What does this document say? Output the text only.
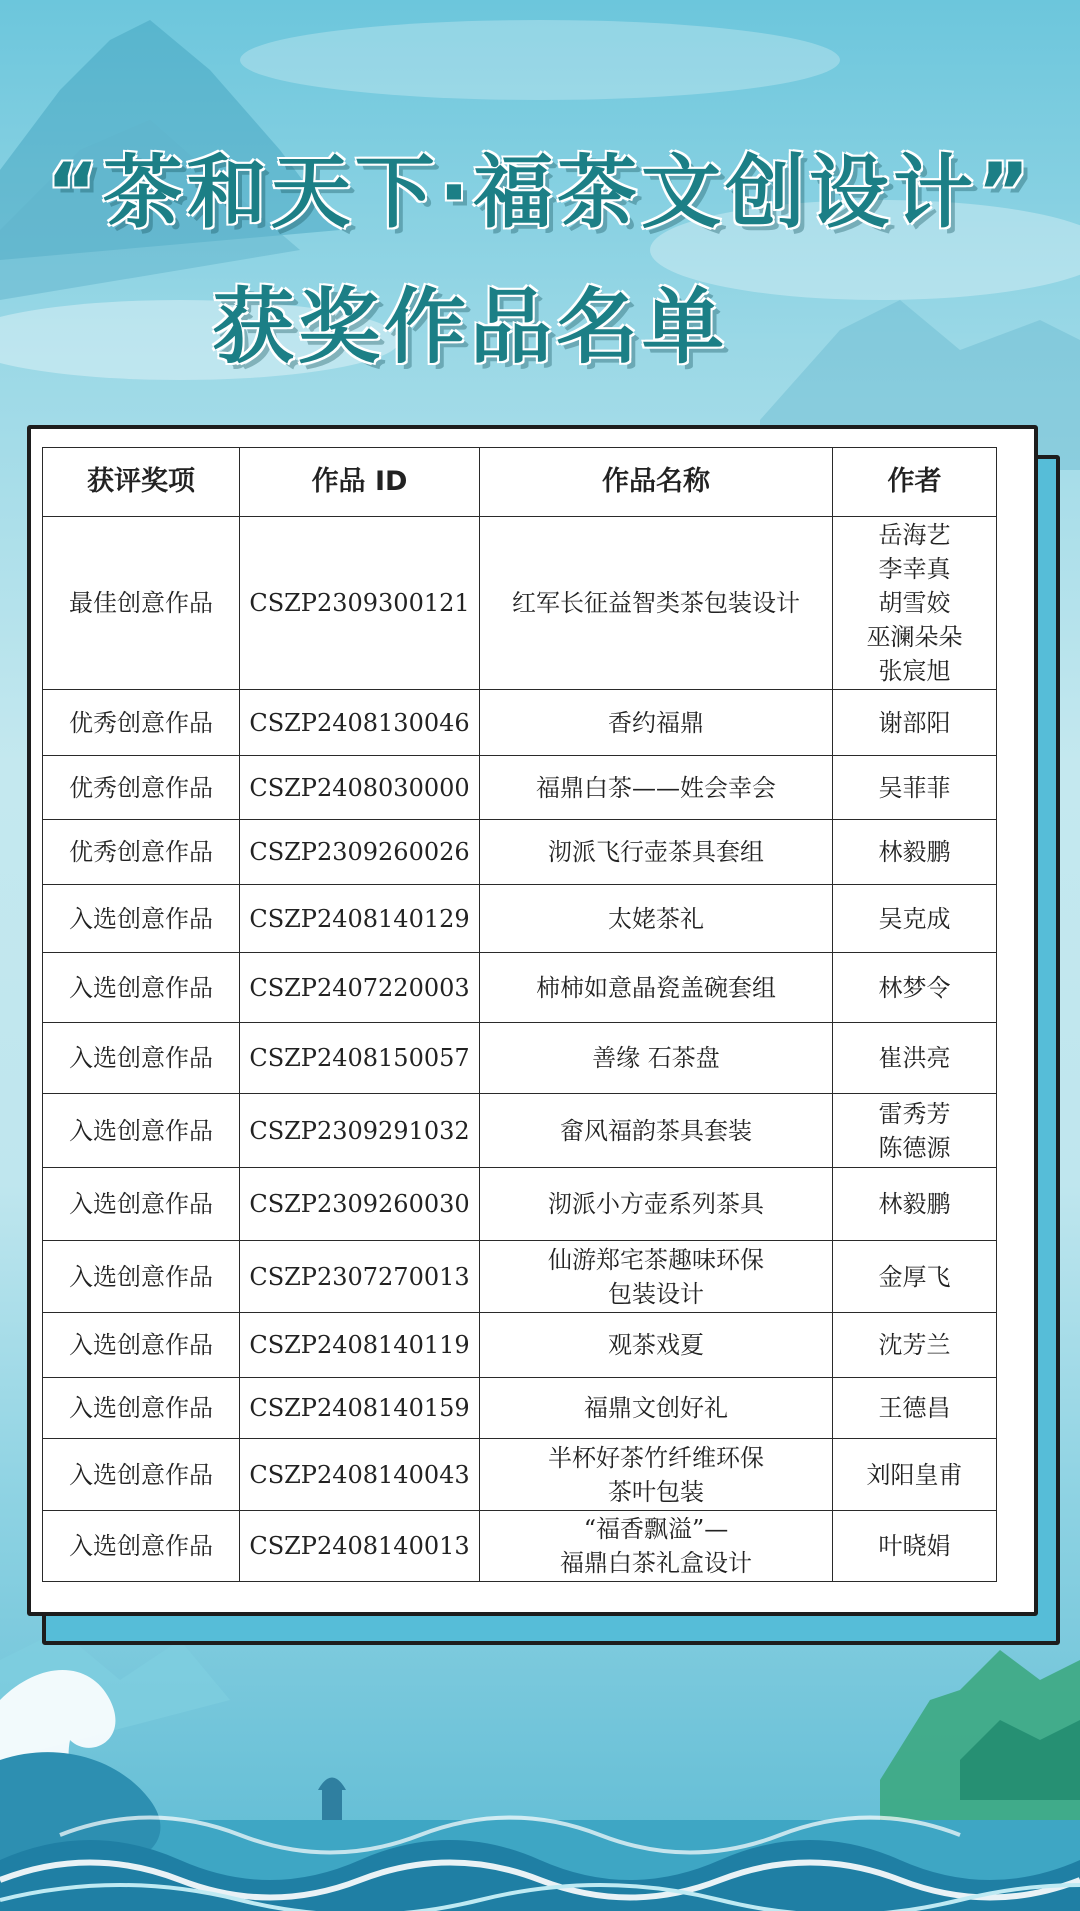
“茶和天下·福茶文创设计”
获奖作品名单
获评奖项	作品 ID	作品名称	作者
最佳创意作品	CSZP2309300121	红军长征益智类茶包装设计	岳海艺
李幸真
胡雪姣
巫澜朵朵
张宸旭

优秀创意作品	CSZP2408130046	香约福鼎	谢部阳

优秀创意作品	CSZP2408030000	福鼎白茶——姓会幸会	吴菲菲

优秀创意作品	CSZP2309260026	沏派飞行壶茶具套组	林毅鹏

入选创意作品	CSZP2408140129	太姥茶礼	吴克成

入选创意作品	CSZP2407220003	柿柿如意晶瓷盖碗套组	林梦令

入选创意作品	CSZP2408150057	善缘 石茶盘	崔洪亮

入选创意作品	CSZP2309291032	畲风福韵茶具套装	雷秀芳
陈德源

入选创意作品	CSZP2309260030	沏派小方壶系列茶具	林毅鹏

入选创意作品	CSZP2307270013	仙游郑宅茶趣味环保
包装设计	金厚飞

入选创意作品	CSZP2408140119	观茶戏夏	沈芳兰

入选创意作品	CSZP2408140159	福鼎文创好礼	王德昌

入选创意作品	CSZP2408140043	半杯好茶竹纤维环保
茶叶包装	刘阳皇甫

入选创意作品	CSZP2408140013	“福香飘溢”—
福鼎白茶礼盒设计	叶晓娟
